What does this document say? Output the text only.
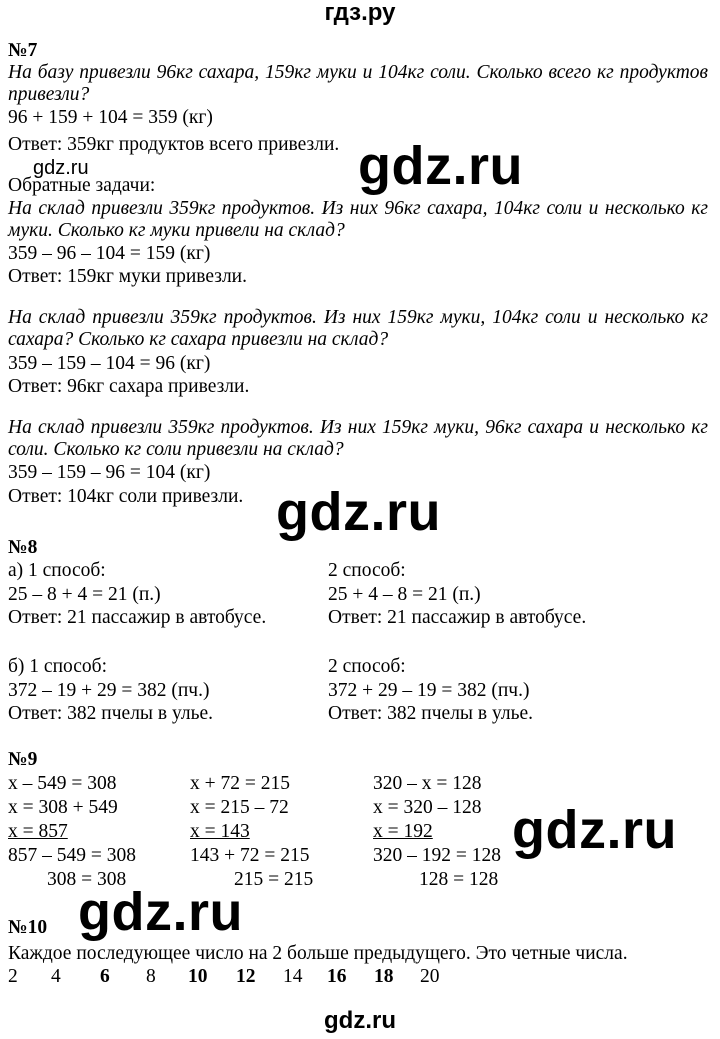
гдз.ру
№7
На базу привезли 96кг сахара, 159кг муки и 104кг соли. Сколько всего кг продуктов привезли?
96 + 159 + 104 = 359 (кг)
Ответ: 359кг продуктов всего привезли.
gdz.ru	gdz.ru
Обратные задачи:
На склад привезли 359кг продуктов. Из них 96кг сахара, 104кг соли и несколько кг муки. Сколько кг муки привели на склад?
359 – 96 – 104 = 159 (кг)
Ответ: 159кг муки привезли.
На склад привезли 359кг продуктов. Из них 159кг муки, 104кг соли и несколько кг сахара? Сколько кг сахара привезли на склад?
359 – 159 – 104 = 96 (кг)
Ответ: 96кг сахара привезли.
На склад привезли 359кг продуктов. Из них 159кг муки, 96кг сахара и несколько кг соли. Сколько кг соли привезли на склад?
359 – 159 – 96 = 104 (кг)
Ответ: 104кг соли привезли. gdz.ru
№8
а) 1 способ:
25 – 8 + 4 = 21 (п.)
Ответ: 21 пассажир в автобусе.
2 способ:
25 + 4 – 8 = 21 (п.)
Ответ: 21 пассажир в автобусе.
б) 1 способ:
372 – 19 + 29 = 382 (пч.)
Ответ: 382 пчелы в улье.
2 способ:
372 + 29 – 19 = 382 (пч.)
Ответ: 382 пчелы в улье.
№9
x – 549 = 308
x = 308 + 549
x = 857
857 – 549 = 308
308 = 308
x + 72 = 215
x = 215 – 72
x = 143
143 + 72 = 215
215 = 215
320 – x = 128
x = 320 – 128
x = 192
320 – 192 = 128
128 = 128
gdz.ru
№10 gdz.ru
Каждое последующее число на 2 больше предыдущего. Это четные числа.
2 4 6 8 10 12 14 16 18 20
gdz.ru
